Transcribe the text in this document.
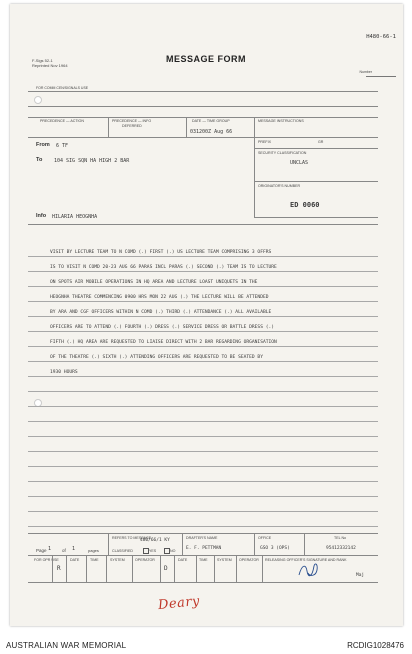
H480-66-1
F-Sigs 52-1
Reprinted Nov 1964
MESSAGE FORM
Number
FOR COMM CEN/SIGNALS USE
PRECEDENCE — ACTION	PRECEDENCE — INFO
DEFERRED
DATE — TIME GROUP
031200Z Aug 66
MESSAGE INSTRUCTIONS
PREFIX	GR
SECURITY CLASSIFICATION
UNCLAS
ORIGINATOR'S NUMBER
ED 0060
From 6 TF
To 104 SIG SQN HA HIGH 2 BAR
Info HILARIA HEOGNHA
VISIT BY LECTURE TEAM TO N COMD (.) FIRST (.) US LECTURE TEAM COMPRISING 3 OFFRS
IS TO VISIT N COMD 20-23 AUG 66 PARAS INCL PARAS (.) SECOND (.) TEAM IS TO LECTURE
ON SPOTS AIR MOBILE OPERATIONS IN HQ AREA AND LECTURE LOAST UNIQUETS IN THE
HEOGNHA THEATRE COMMENCING 0900 HRS MON 22 AUG (.) THE LECTURE WILL BE ATTENDED
BY ARA AND CGF OFFICERS WITHIN N COMD (.) THIRD (.) ATTENDANCE (.) ALL AVAILABLE
OFFICERS ARE TO ATTEND (.) FOURTH (.) DRESS (.) SERVICE DRESS OR BATTLE DRESS (.)
FIFTH (.) HQ AREA ARE REQUESTED TO LIAISE DIRECT WITH 2 BAR REGARDING ORGANISATION
OF THE THEATRE (.) SIXTH (.) ATTENDING OFFICERS ARE REQUESTED TO BE SEATED BY
1930 HOURS
Page 1 of 1	pages
REFERS TO MESSAGE
480/66/1 KY
CLASSIFIED	YES	NO
DRAFTER'S NAME
E. F. PETTMAN
OFFICE
GSO 3 (OPS)
TEL No
95412332142
FOR OPR USE
R
DATE	TIME	SYSTEM	OPERATOR
D
DATE	TIME	SYSTEM OPERATOR RELEASING OFFICER'S SIGNATURE AND RANK
Maj
Deary
AUSTRALIAN WAR MEMORIAL	RCDIG1028476
